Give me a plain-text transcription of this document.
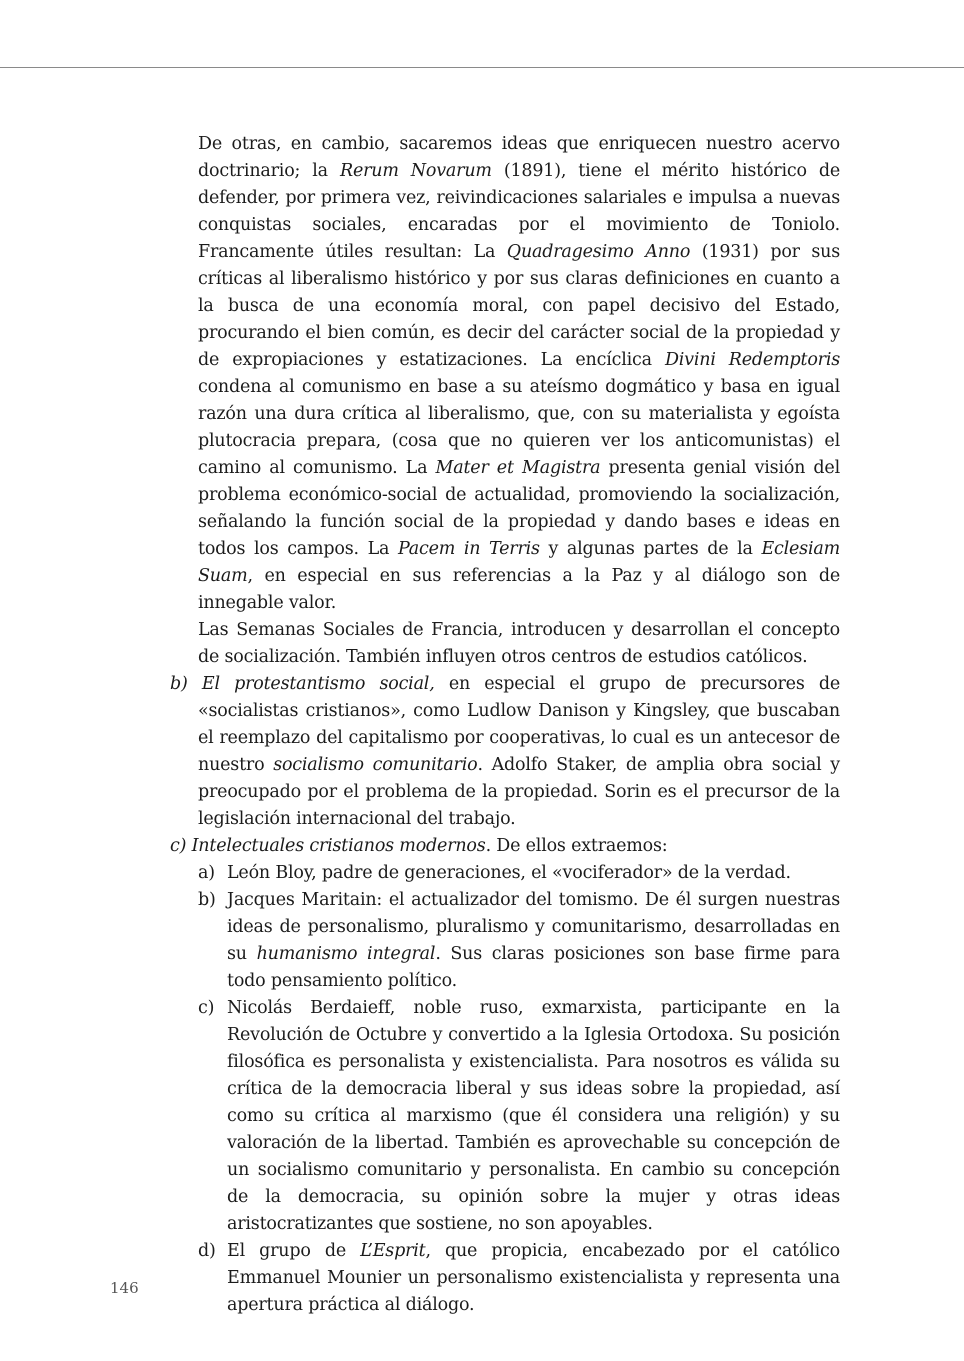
De otras, en cambio, sacaremos ideas que enriquecen nuestro acervo doctrinario; la Rerum Novarum (1891), tiene el mérito histórico de defender, por primera vez, reivindicaciones salariales e impulsa a nuevas conquistas sociales, encaradas por el movimiento de Toniolo. Francamente útiles resultan: La Quadragesimo Anno (1931) por sus críticas al liberalismo histórico y por sus claras definiciones en cuanto a la busca de una economía moral, con papel decisivo del Estado, procurando el bien común, es decir del carácter social de la propiedad y de expropiaciones y estatizaciones. La encíclica Divini Redemptoris condena al comunismo en base a su ateísmo dogmático y basa en igual razón una dura crítica al liberalismo, que, con su materialista y egoísta plutocracia prepara, (cosa que no quieren ver los anticomunistas) el camino al comunismo. La Mater et Magistra presenta genial visión del problema económico-social de actualidad, promoviendo la socialización, señalando la función social de la propiedad y dando bases e ideas en todos los campos. La Pacem in Terris y algunas partes de la Eclesiam Suam, en especial en sus referencias a la Paz y al diálogo son de innegable valor.

Las Semanas Sociales de Francia, introducen y desarrollan el concepto de socialización. También influyen otros centros de estudios católicos.

b) El protestantismo social, en especial el grupo de precursores de «socialistas cristianos», como Ludlow Danison y Kingsley, que buscaban el reemplazo del capitalismo por cooperativas, lo cual es un antecesor de nuestro socialismo comunitario. Adolfo Staker, de amplia obra social y preocupado por el problema de la propiedad. Sorin es el precursor de la legislación internacional del trabajo.

c) Intelectuales cristianos modernos. De ellos extraemos:

a) León Bloy, padre de generaciones, el «vociferador» de la verdad.

b) Jacques Maritain: el actualizador del tomismo. De él surgen nuestras ideas de personalismo, pluralismo y comunitarismo, desarrolladas en su humanismo integral. Sus claras posiciones son base firme para todo pensamiento político.

c) Nicolás Berdaieff, noble ruso, exmarxista, participante en la Revolución de Octubre y convertido a la Iglesia Ortodoxa. Su posición filosófica es personalista y existencialista. Para nosotros es válida su crítica de la democracia liberal y sus ideas sobre la propiedad, así como su crítica al marxismo (que él considera una religión) y su valoración de la libertad. También es aprovechable su concepción de un socialismo comunitario y personalista. En cambio su concepción de la democracia, su opinión sobre la mujer y otras ideas aristocratizantes que sostiene, no son apoyables.

d) El grupo de L’Esprit, que propicia, encabezado por el católico Emmanuel Mounier un personalismo existencialista y representa una apertura práctica al diálogo.

146
